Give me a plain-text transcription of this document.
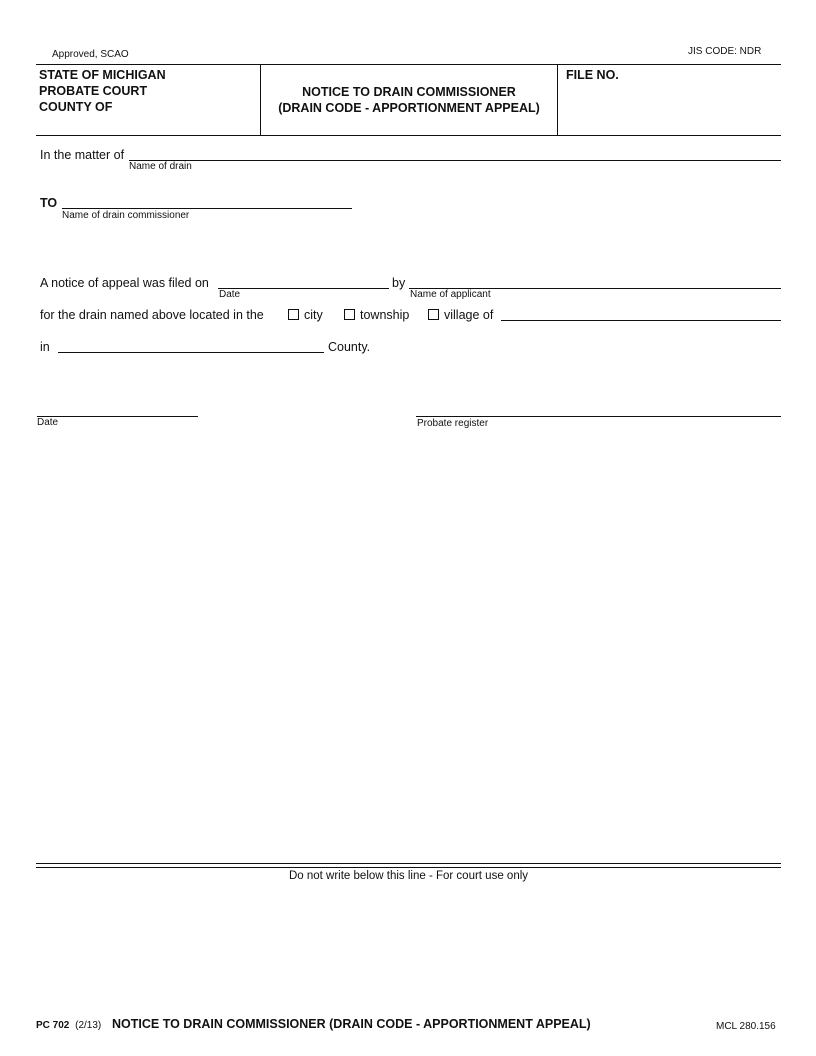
Approved, SCAO	JIS CODE: NDR
STATE OF MICHIGAN
PROBATE COURT
COUNTY OF
NOTICE TO DRAIN COMMISSIONER
(DRAIN CODE - APPORTIONMENT APPEAL)
FILE NO.
In the matter of
Name of drain
TO
Name of drain commissioner
A notice of appeal was filed on
Date
by
Name of applicant
for the drain named above located in the	city	township	village of
in	County.
Date	Probate register
Do not write below this line - For court use only
PC 702 (2/13) NOTICE TO DRAIN COMMISSIONER (DRAIN CODE - APPORTIONMENT APPEAL)	MCL 280.156
